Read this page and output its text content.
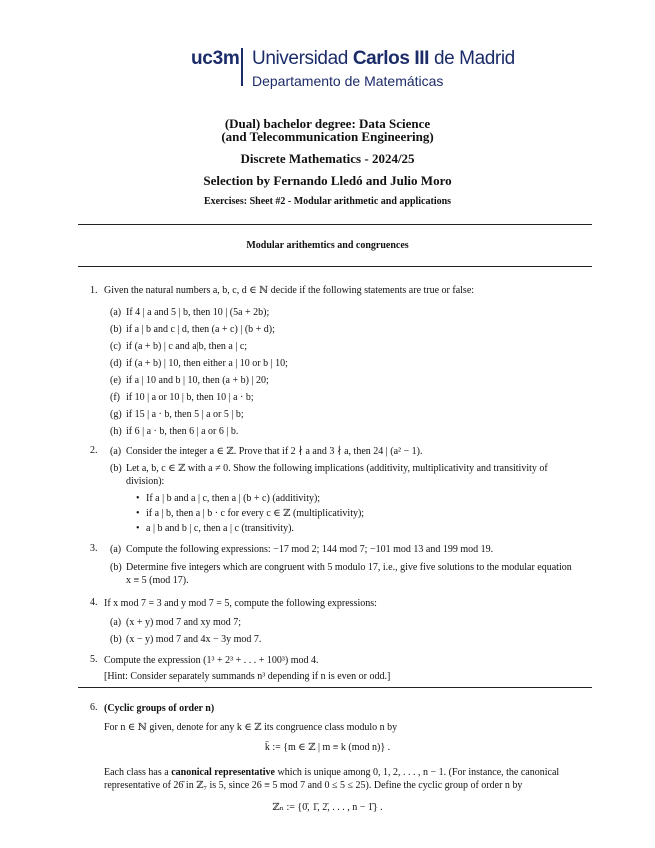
uc3m Universidad Carlos III de Madrid
Departamento de Matemáticas
(Dual) bachelor degree: Data Science
(and Telecommunication Engineering)
Discrete Mathematics - 2024/25
Selection by Fernando Lledó and Julio Moro
Exercises: Sheet #2 - Modular arithmetic and applications
Modular arithemtics and congruences
1. Given the natural numbers a, b, c, d ∈ ℕ decide if the following statements are true or false:
(a) If 4 | a and 5 | b, then 10 | (5a + 2b);
(b) if a | b and c | d, then (a + c) | (b + d);
(c) if (a + b) | c and a|b, then a | c;
(d) if (a + b) | 10, then either a | 10 or b | 10;
(e) if a | 10 and b | 10, then (a + b) | 20;
(f) if 10 | a or 10 | b, then 10 | a · b;
(g) if 15 | a · b, then 5 | a or 5 | b;
(h) if 6 | a · b, then 6 | a or 6 | b.
2. (a) Consider the integer a ∈ ℤ. Prove that if 2 ∤ a and 3 ∤ a, then 24 | (a² − 1).
(b) Let a, b, c ∈ ℤ with a ≠ 0. Show the following implications (additivity, multiplicativity and transitivity of
division):
• If a | b and a | c, then a | (b + c) (additivity);
• if a | b, then a | b · c for every c ∈ ℤ (multiplicativity);
• a | b and b | c, then a | c (transitivity).
3. (a) Compute the following expressions: −17 mod 2; 144 mod 7; −101 mod 13 and 199 mod 19.
(b) Determine five integers which are congruent with 5 modulo 17, i.e., give five solutions to the modular equation
x ≡ 5 (mod 17).
4. If x mod 7 = 3 and y mod 7 = 5, compute the following expressions:
(a) (x + y) mod 7 and xy mod 7;
(b) (x − y) mod 7 and 4x − 3y mod 7.
5. Compute the expression (1³ + 2³ + . . . + 100³) mod 4.
[Hint: Consider separately summands n³ depending if n is even or odd.]
6. (Cyclic groups of order n)
For n ∈ ℕ given, denote for any k ∈ ℤ its congruence class modulo n by
k̄ := {m ∈ ℤ | m ≡ k (mod n)} .
Each class has a canonical representative which is unique among 0, 1, 2, . . . , n − 1. (For instance, the canonical
representative of 26̄ in ℤ₇ is 5, since 26 ≡ 5 mod 7 and 0 ≤ 5 ≤ 25). Define the cyclic group of order n by
ℤₙ := {0̄, 1̄, 2̄, . . . , n − 1̄} .
